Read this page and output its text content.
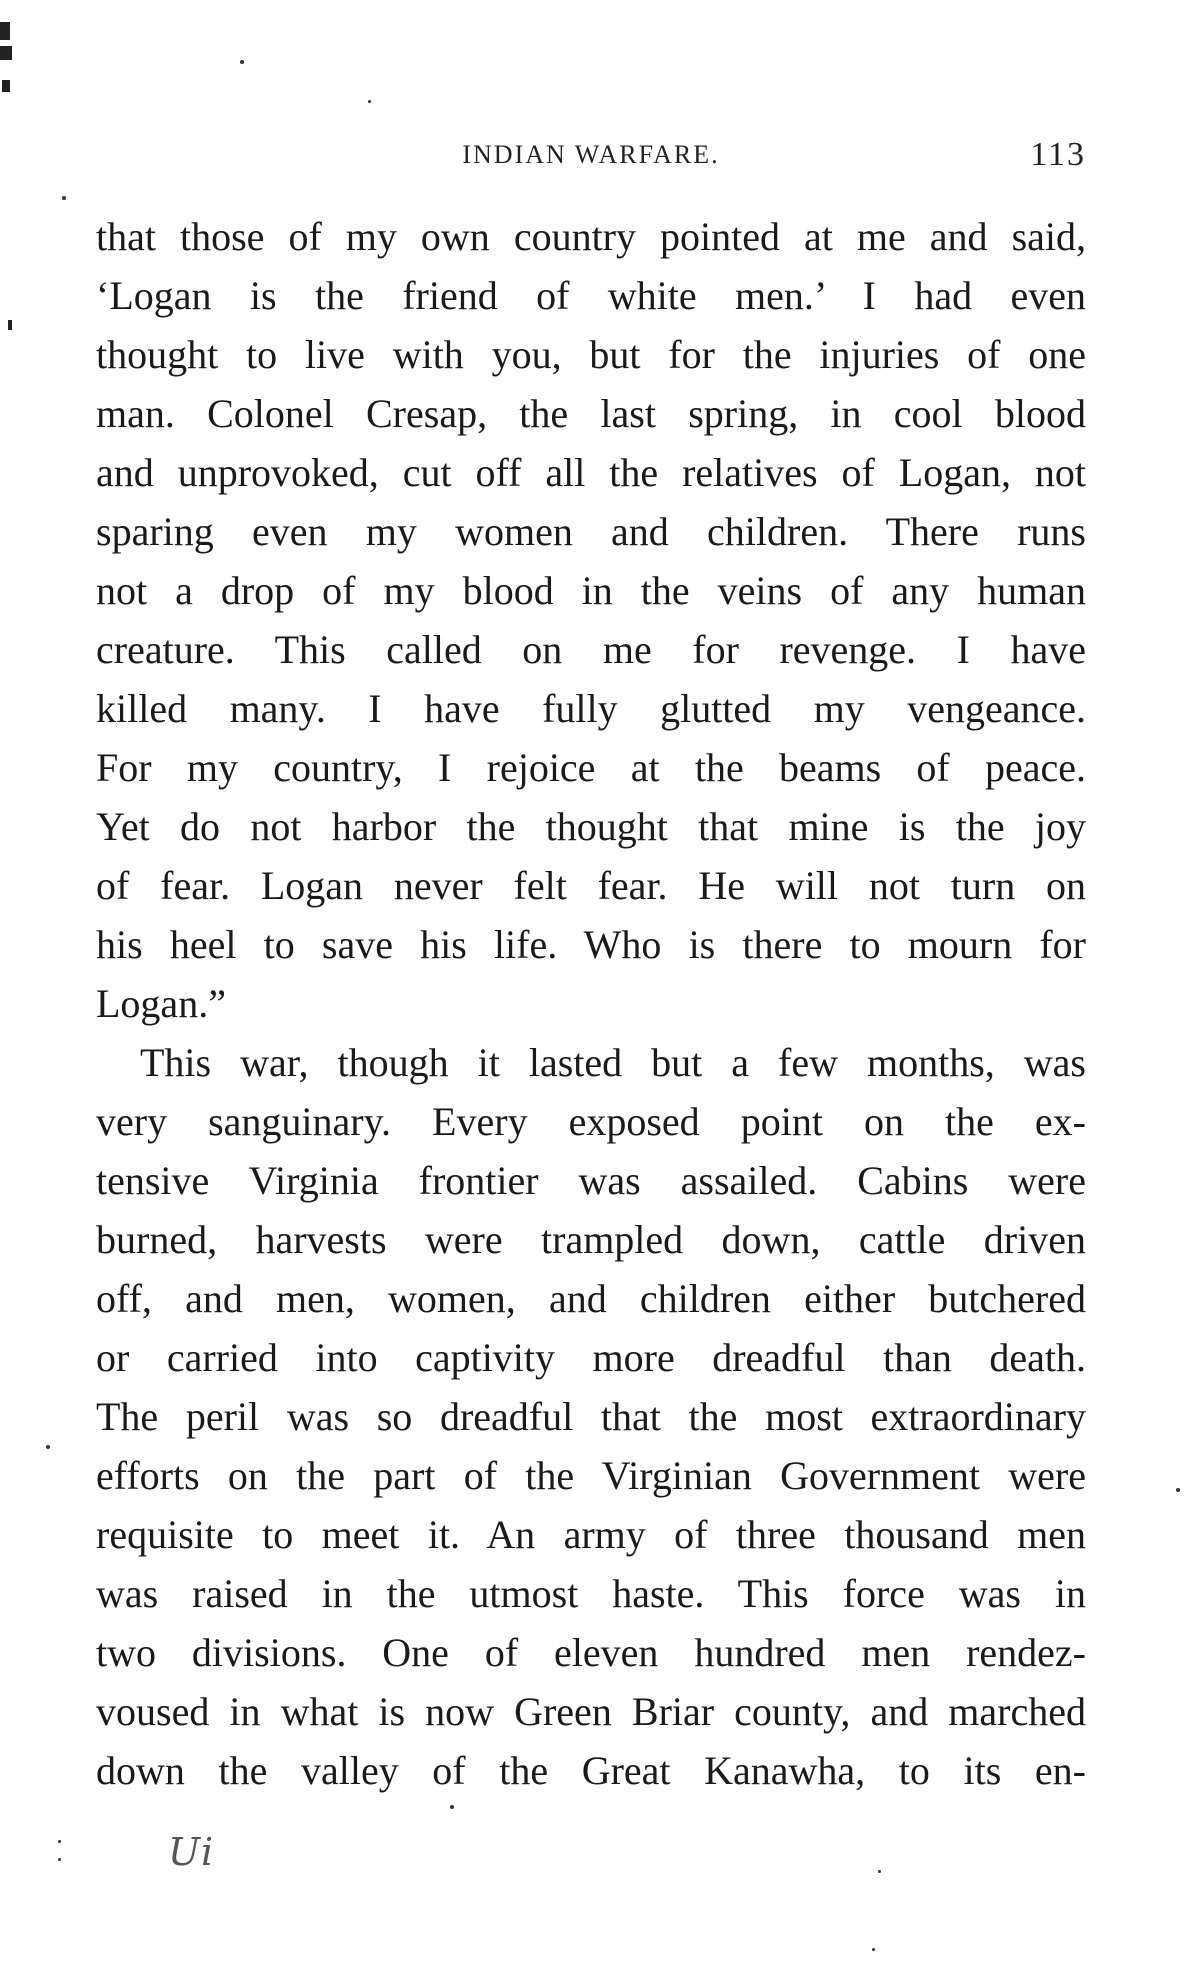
INDIAN WARFARE.	113
that those of my own country pointed at me and said,
‘Logan is the friend of white men.’ I had even
thought to live with you, but for the injuries of one
man. Colonel Cresap, the last spring, in cool blood
and unprovoked, cut off all the relatives of Logan, not
sparing even my women and children. There runs
not a drop of my blood in the veins of any human
creature. This called on me for revenge. I have
killed many. I have fully glutted my vengeance.
For my country, I rejoice at the beams of peace.
Yet do not harbor the thought that mine is the joy
of fear. Logan never felt fear. He will not turn on
his heel to save his life. Who is there to mourn for
Logan.”
This war, though it lasted but a few months, was
very sanguinary. Every exposed point on the ex-
tensive Virginia frontier was assailed. Cabins were
burned, harvests were trampled down, cattle driven
off, and men, women, and children either butchered
or carried into captivity more dreadful than death.
The peril was so dreadful that the most extraordinary
efforts on the part of the Virginian Government were
requisite to meet it. An army of three thousand men
was raised in the utmost haste. This force was in
two divisions. One of eleven hundred men rendez-
voused in what is now Green Briar county, and marched
down the valley of the Great Kanawha, to its en-
Ui
